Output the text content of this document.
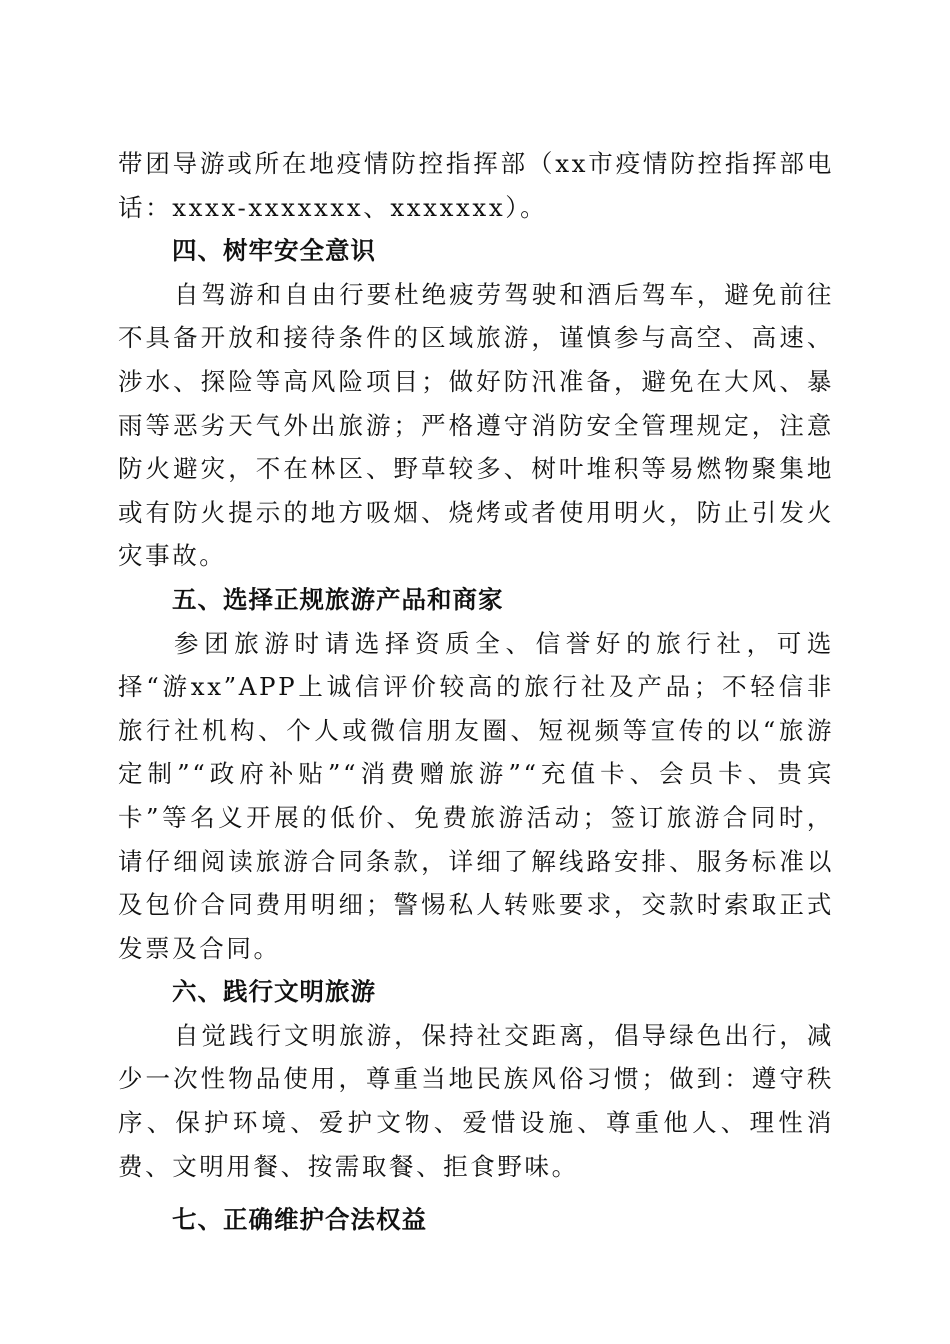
带团导游或所在地疫情防控指挥部（xx市疫情防控指挥部电话：xxxx-xxxxxxx、xxxxxxx）。

四、树牢安全意识

自驾游和自由行要杜绝疲劳驾驶和酒后驾车，避免前往不具备开放和接待条件的区域旅游，谨慎参与高空、高速、涉水、探险等高风险项目；做好防汛准备，避免在大风、暴雨等恶劣天气外出旅游；严格遵守消防安全管理规定，注意防火避灾，不在林区、野草较多、树叶堆积等易燃物聚集地或有防火提示的地方吸烟、烧烤或者使用明火，防止引发火灾事故。

五、选择正规旅游产品和商家

参团旅游时请选择资质全、信誉好的旅行社，可选择“游xx”APP上诚信评价较高的旅行社及产品；不轻信非旅行社机构、个人或微信朋友圈、短视频等宣传的以“旅游定制”“政府补贴”“消费赠旅游”“充值卡、会员卡、贵宾卡”等名义开展的低价、免费旅游活动；签订旅游合同时，请仔细阅读旅游合同条款，详细了解线路安排、服务标准以及包价合同费用明细；警惕私人转账要求，交款时索取正式发票及合同。

六、践行文明旅游

自觉践行文明旅游，保持社交距离，倡导绿色出行，减少一次性物品使用，尊重当地民族风俗习惯；做到：遵守秩序、保护环境、爱护文物、爱惜设施、尊重他人、理性消费、文明用餐、按需取餐、拒食野味。

七、正确维护合法权益
